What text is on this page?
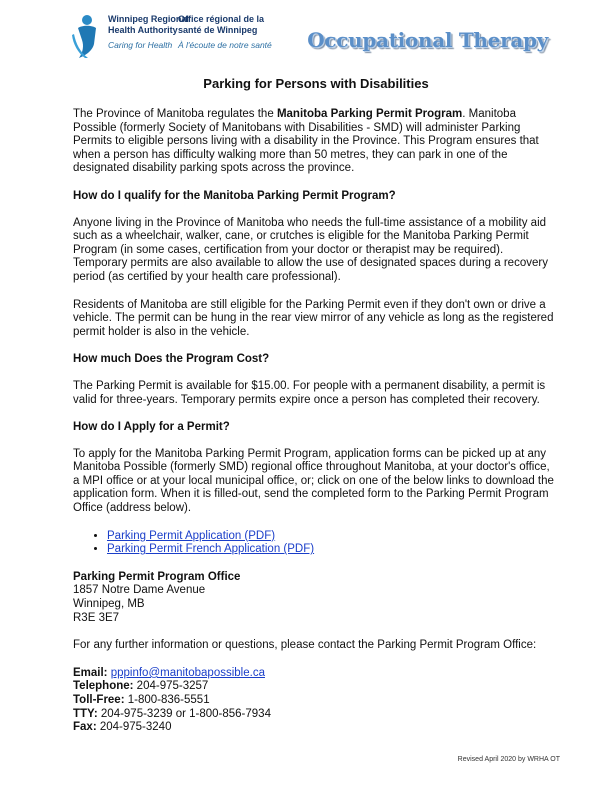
Winnipeg Regional
Health Authority
Office régional de la
santé de Winnipeg
Caring for Health À l'écoute de notre santé Occupational Therapy
Parking for Persons with Disabilities

The Province of Manitoba regulates the Manitoba Parking Permit Program. Manitoba Possible (formerly Society of Manitobans with Disabilities - SMD) will administer Parking Permits to eligible persons living with a disability in the Province. This Program ensures that when a person has difficulty walking more than 50 metres, they can park in one of the designated disability parking spots across the province.

How do I qualify for the Manitoba Parking Permit Program?

Anyone living in the Province of Manitoba who needs the full-time assistance of a mobility aid such as a wheelchair, walker, cane, or crutches is eligible for the Manitoba Parking Permit Program (in some cases, certification from your doctor or therapist may be required). Temporary permits are also available to allow the use of designated spaces during a recovery period (as certified by your health care professional).

Residents of Manitoba are still eligible for the Parking Permit even if they don't own or drive a vehicle. The permit can be hung in the rear view mirror of any vehicle as long as the registered permit holder is also in the vehicle.

How much Does the Program Cost?

The Parking Permit is available for $15.00. For people with a permanent disability, a permit is valid for three-years. Temporary permits expire once a person has completed their recovery.

How do I Apply for a Permit?

To apply for the Manitoba Parking Permit Program, application forms can be picked up at any Manitoba Possible (formerly SMD) regional office throughout Manitoba, at your doctor's office, a MPI office or at your local municipal office, or; click on one of the below links to download the application form. When it is filled-out, send the completed form to the Parking Permit Program Office (address below).

• Parking Permit Application (PDF)
• Parking Permit French Application (PDF)

Parking Permit Program Office

1857 Notre Dame Avenue

Winnipeg, MB

R3E 3E7

For any further information or questions, please contact the Parking Permit Program Office:

Email: pppinfo@manitobapossible.ca

Telephone: 204-975-3257

Toll-Free: 1-800-836-5551

TTY: 204-975-3239 or 1-800-856-7934

Fax: 204-975-3240

Revised April 2020 by WRHA OT
